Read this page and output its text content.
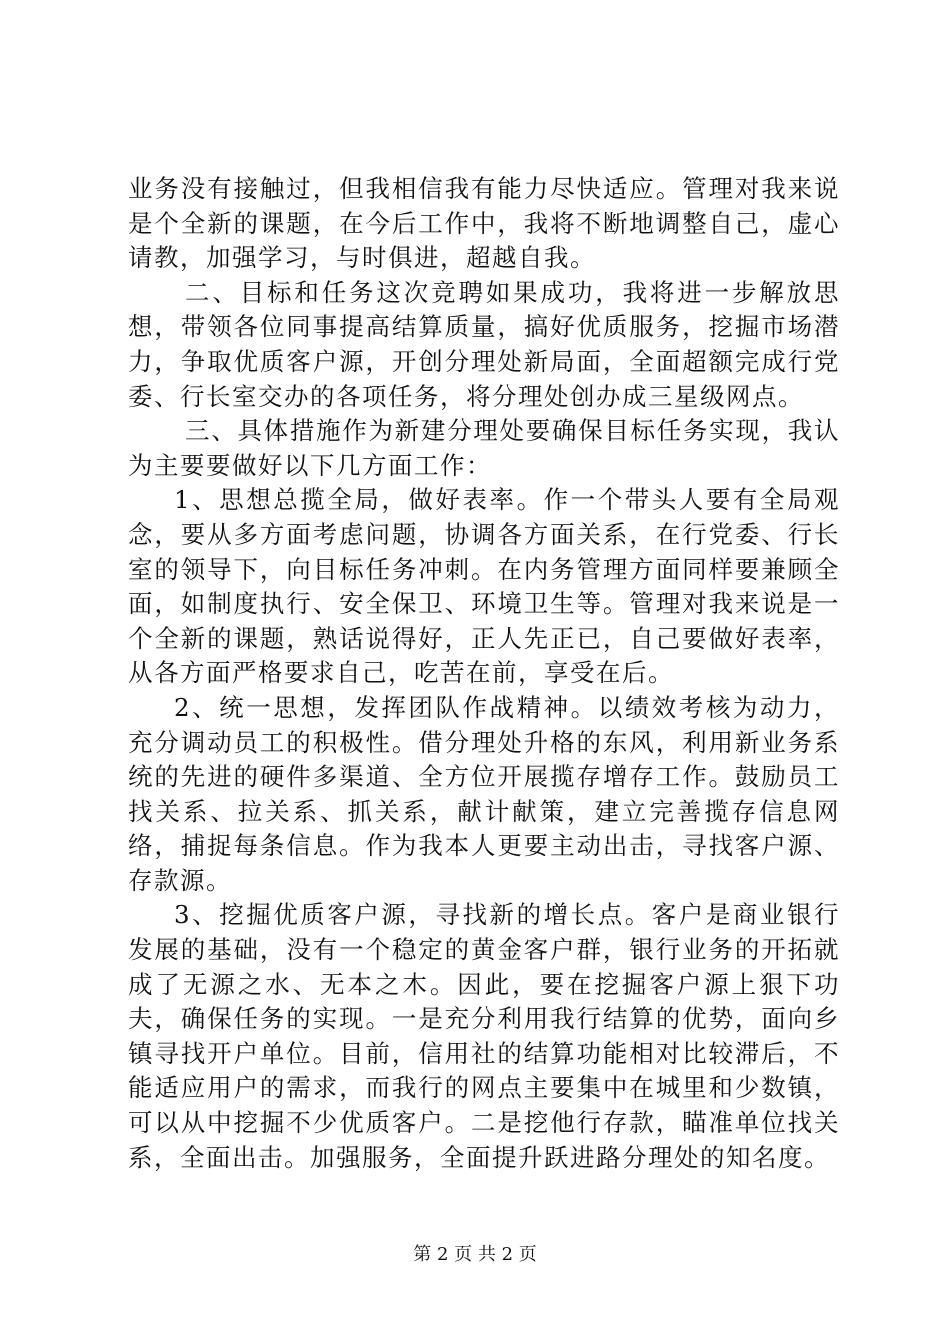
业务没有接触过，但我相信我有能力尽快适应。管理对我来说是个全新的课题，在今后工作中，我将不断地调整自己，虚心请教，加强学习，与时俱进，超越自我。

二、目标和任务这次竞聘如果成功，我将进一步解放思想，带领各位同事提高结算质量，搞好优质服务，挖掘市场潜力，争取优质客户源，开创分理处新局面，全面超额完成行党委、行长室交办的各项任务，将分理处创办成三星级网点。

三、具体措施作为新建分理处要确保目标任务实现，我认为主要要做好以下几方面工作：

1、思想总揽全局，做好表率。作一个带头人要有全局观念，要从多方面考虑问题，协调各方面关系，在行党委、行长室的领导下，向目标任务冲刺。在内务管理方面同样要兼顾全面，如制度执行、安全保卫、环境卫生等。管理对我来说是一个全新的课题，熟话说得好，正人先正已，自己要做好表率，从各方面严格要求自己，吃苦在前，享受在后。

2、统一思想，发挥团队作战精神。以绩效考核为动力，充分调动员工的积极性。借分理处升格的东风，利用新业务系统的先进的硬件多渠道、全方位开展揽存增存工作。鼓励员工找关系、拉关系、抓关系，献计献策，建立完善揽存信息网络，捕捉每条信息。作为我本人更要主动出击，寻找客户源、存款源。

3、挖掘优质客户源，寻找新的增长点。客户是商业银行发展的基础，没有一个稳定的黄金客户群，银行业务的开拓就成了无源之水、无本之木。因此，要在挖掘客户源上狠下功夫，确保任务的实现。一是充分利用我行结算的优势，面向乡镇寻找开户单位。目前，信用社的结算功能相对比较滞后，不能适应用户的需求，而我行的网点主要集中在城里和少数镇，可以从中挖掘不少优质客户。二是挖他行存款，瞄准单位找关系，全面出击。加强服务，全面提升跃进路分理处的知名度。

第 2 页 共 2 页
